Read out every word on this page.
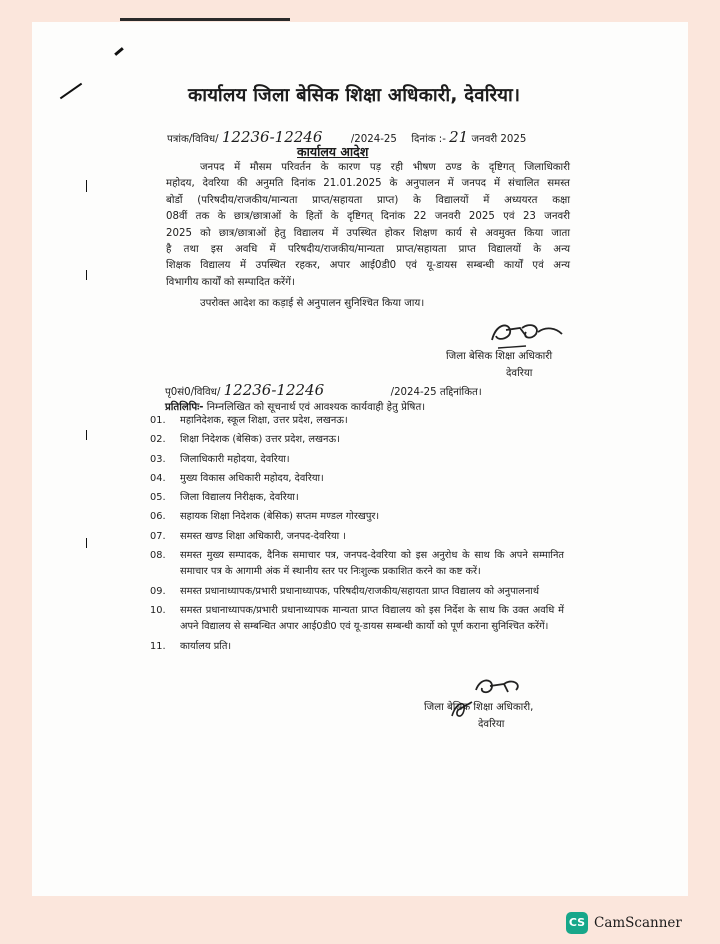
कार्यालय जिला बेसिक शिक्षा अधिकारी, देवरिया।
पत्रांक/विविध/ 12236-12246	/2024-25 दिनांक :- 21 जनवरी 2025
कार्यालय आदेश
जनपद में मौसम परिवर्तन के कारण पड़ रही भीषण ठण्ड के दृष्टिगत् जिलाधिकारी
महोदय, देवरिया की अनुमति दिनांक 21.01.2025 के अनुपालन में जनपद में संचालित समस्त
बोर्डो (परिषदीय/राजकीय/मान्यता प्राप्त/सहायता प्राप्त) के विद्यालयों में अध्ययरत कक्षा
08वीं तक के छात्र/छात्राओं के हितों के दृष्टिगत् दिनांक 22 जनवरी 2025 एवं 23 जनवरी
2025 को छात्र/छात्राओं हेतु विद्यालय में उपस्थित होकर शिक्षण कार्य से अवमुक्त किया जाता
है तथा इस अवधि में परिषदीय/राजकीय/मान्यता प्राप्त/सहायता प्राप्त विद्यालयों के अन्य
शिक्षक विद्यालय में उपस्थित रहकर, अपार आई0डी0 एवं यू-डायस सम्बन्धी कार्यों एवं अन्य
विभागीय कार्यों को सम्पादित करेंगें।
उपरोक्त आदेश का कड़ाई से अनुपालन सुनिश्चित किया जाय।
जिला बेसिक शिक्षा अधिकारी
देवरिया
पृ0सं0/विविध/ 12236-12246	/2024-25 तद्दिनांकित।
प्रतिलिपिः- निम्नलिखित को सूचनार्थ एवं आवश्यक कार्यवाही हेतु प्रेषित।
01.	महानिदेशक, स्कूल शिक्षा, उत्तर प्रदेश, लखनऊ।
02.	शिक्षा निदेशक (बेसिक) उत्तर प्रदेश, लखनऊ।
03.	जिलाधिकारी महोदया, देवरिया।
04.	मुख्य विकास अधिकारी महोदय, देवरिया।
05.	जिला विद्यालय निरीक्षक, देवरिया।
06.	सहायक शिक्षा निदेशक (बेसिक) सप्तम मण्डल गोरखपुर।
07.	समस्त खण्ड शिक्षा अधिकारी, जनपद-देवरिया ।
08.	समस्त मुख्य सम्पादक, दैनिक समाचार पत्र, जनपद-देवरिया को इस अनुरोध के साथ कि अपने सम्मानित समाचार पत्र के आगामी अंक में स्थानीय स्तर पर निःशुल्क प्रकाशित करने का कष्ट करें।
09.	समस्त प्रधानाध्यापक/प्रभारी प्रधानाध्यापक, परिषदीय/राजकीय/सहायता प्राप्त विद्यालय को अनुपालनार्थ
10.	समस्त प्रधानाध्यापक/प्रभारी प्रधानाध्यापक मान्यता प्राप्त विद्यालय को इस निर्देश के साथ कि उक्त अवधि में अपने विद्यालय से सम्बन्धित अपार आई0डी0 एवं यू-डायस सम्बन्धी कार्यो को पूर्ण कराना सुनिश्चित करेंगें।
11.	कार्यालय प्रति।
जिला बेसिक शिक्षा अधिकारी,
देवरिया
CS CamScanner
